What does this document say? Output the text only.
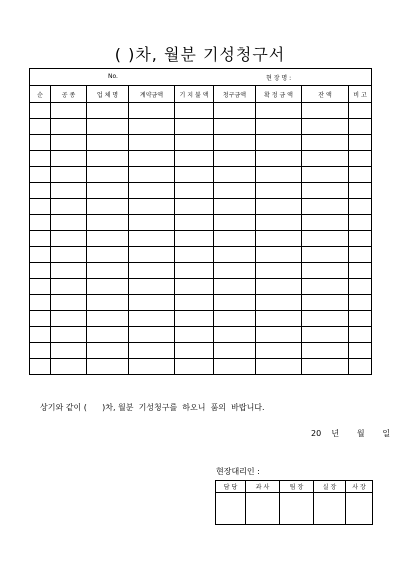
( )차, 월분 기성청구서
No. 현 장 명 :								

순	공 종	업 체 명	계약금액	기 지 불 액	청구금액	확 정 금 액	잔 액	비 고

상기와 같이 (      )차, 월분  기성청구를  하오니  품의  바랍니다.
20    년       월       일
현장대리인 :
담 당	과 사	팀 장	실 장	사 장
